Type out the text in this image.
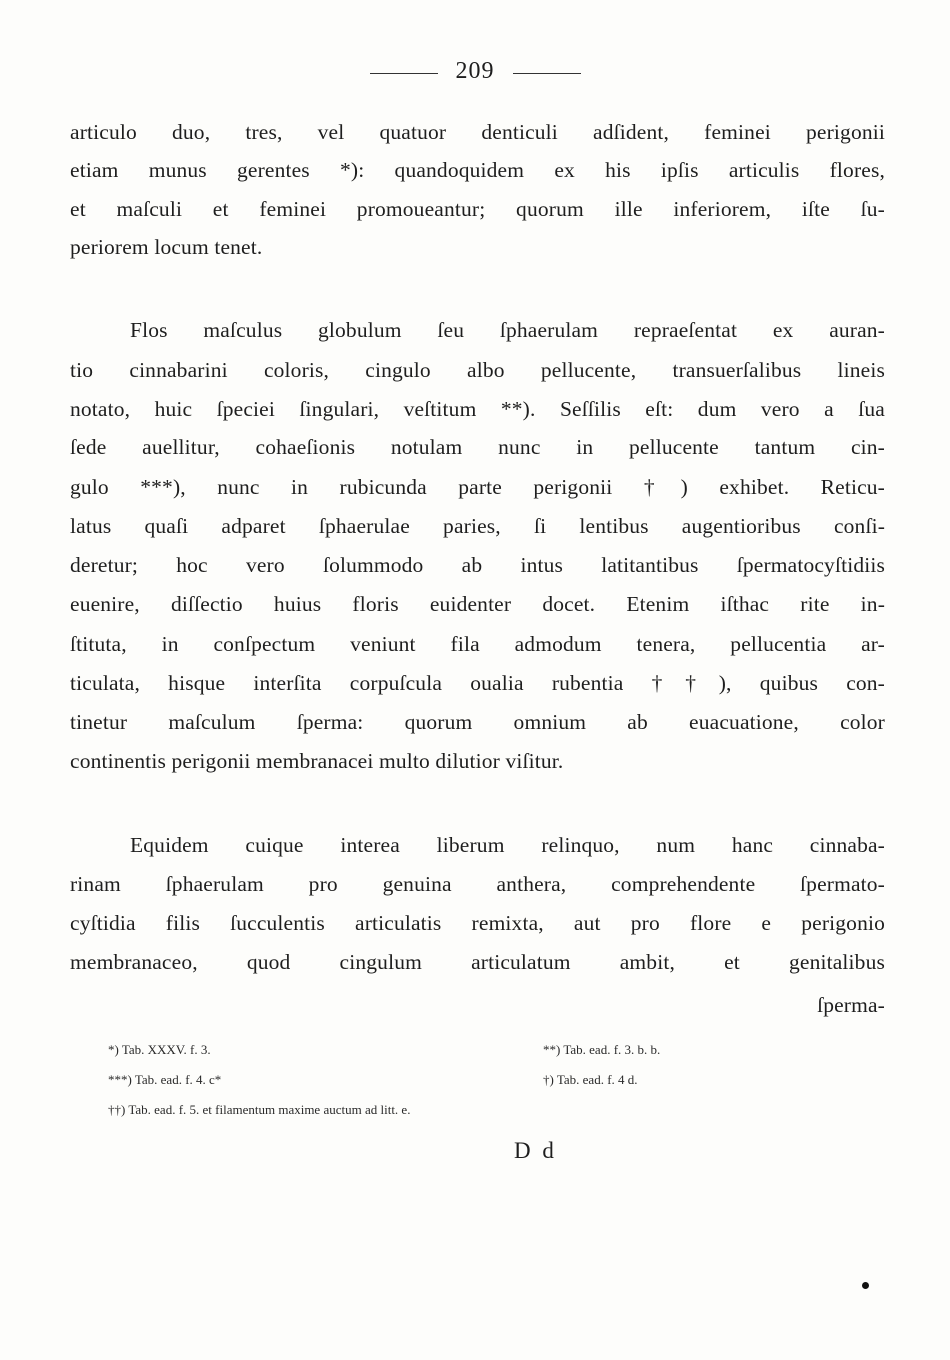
209
articulo duo, tres, vel quatuor denticuli adſident, feminei perigonii
etiam munus gerentes *): quandoquidem ex his ipſis articulis flores,
et maſculi et feminei promoueantur; quorum ille inferiorem, iſte ſu-
periorem locum tenet.
Flos maſculus globulum ſeu ſphaerulam repraeſentat ex auran-
tio cinnabarini coloris, cingulo albo pellucente, transuerſalibus lineis
notato, huic ſpeciei ſingulari, veſtitum **). Seſſilis eſt: dum vero a ſua
ſede auellitur, cohaeſionis notulam nunc in pellucente tantum cin-
gulo ***), nunc in rubicunda parte perigonii †) exhibet. Reticu-
latus quaſi adparet ſphaerulae paries, ſi lentibus augentioribus conſi-
deretur; hoc vero ſolummodo ab intus latitantibus ſpermatocyſtidiis
euenire, diſſectio huius floris euidenter docet. Etenim iſthac rite in-
ſtituta, in conſpectum veniunt fila admodum tenera, pellucentia ar-
ticulata, hisque interſita corpuſcula oualia rubentia ††), quibus con-
tinetur maſculum ſperma: quorum omnium ab euacuatione, color
continentis perigonii membranacei multo dilutior viſitur.
Equidem cuique interea liberum relinquo, num hanc cinnaba-
rinam ſphaerulam pro genuina anthera, comprehendente ſpermato-
cyſtidia filis ſucculentis articulatis remixta, aut pro flore e perigonio
membranaceo, quod cingulum articulatum ambit, et genitalibus
ſperma-
*) Tab. XXXV. f. 3.	**) Tab. ead. f. 3. b. b.
***) Tab. ead. f. 4. c*	†) Tab. ead. f. 4 d.
††) Tab. ead. f. 5. et filamentum maxime auctum ad litt. e.
D d
